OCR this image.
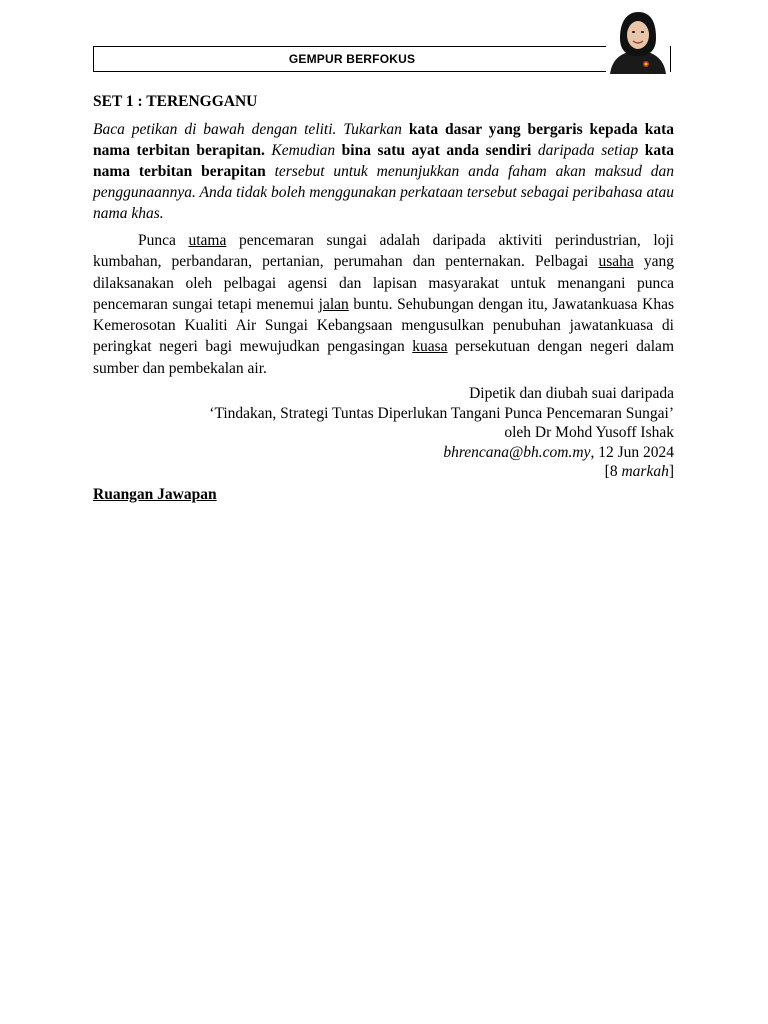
GEMPUR BERFOKUS
SET 1 : TERENGGANU

Baca petikan di bawah dengan teliti. Tukarkan kata dasar yang bergaris kepada kata nama terbitan berapitan. Kemudian bina satu ayat anda sendiri daripada setiap kata nama terbitan berapitan tersebut untuk menunjukkan anda faham akan maksud dan penggunaannya. Anda tidak boleh menggunakan perkataan tersebut sebagai peribahasa atau nama khas.

Punca utama pencemaran sungai adalah daripada aktiviti perindustrian, loji kumbahan, perbandaran, pertanian, perumahan dan penternakan. Pelbagai usaha yang dilaksanakan oleh pelbagai agensi dan lapisan masyarakat untuk menangani punca pencemaran sungai tetapi menemui jalan buntu. Sehubungan dengan itu, Jawatankuasa Khas Kemerosotan Kualiti Air Sungai Kebangsaan mengusulkan penubuhan jawatankuasa di peringkat negeri bagi mewujudkan pengasingan kuasa persekutuan dengan negeri dalam sumber dan pembekalan air.

Dipetik dan diubah suai daripada
‘Tindakan, Strategi Tuntas Diperlukan Tangani Punca Pencemaran Sungai’
oleh Dr Mohd Yusoff Ishak
bhrencana@bh.com.my, 12 Jun 2024
[8 markah]
Ruangan Jawapan
